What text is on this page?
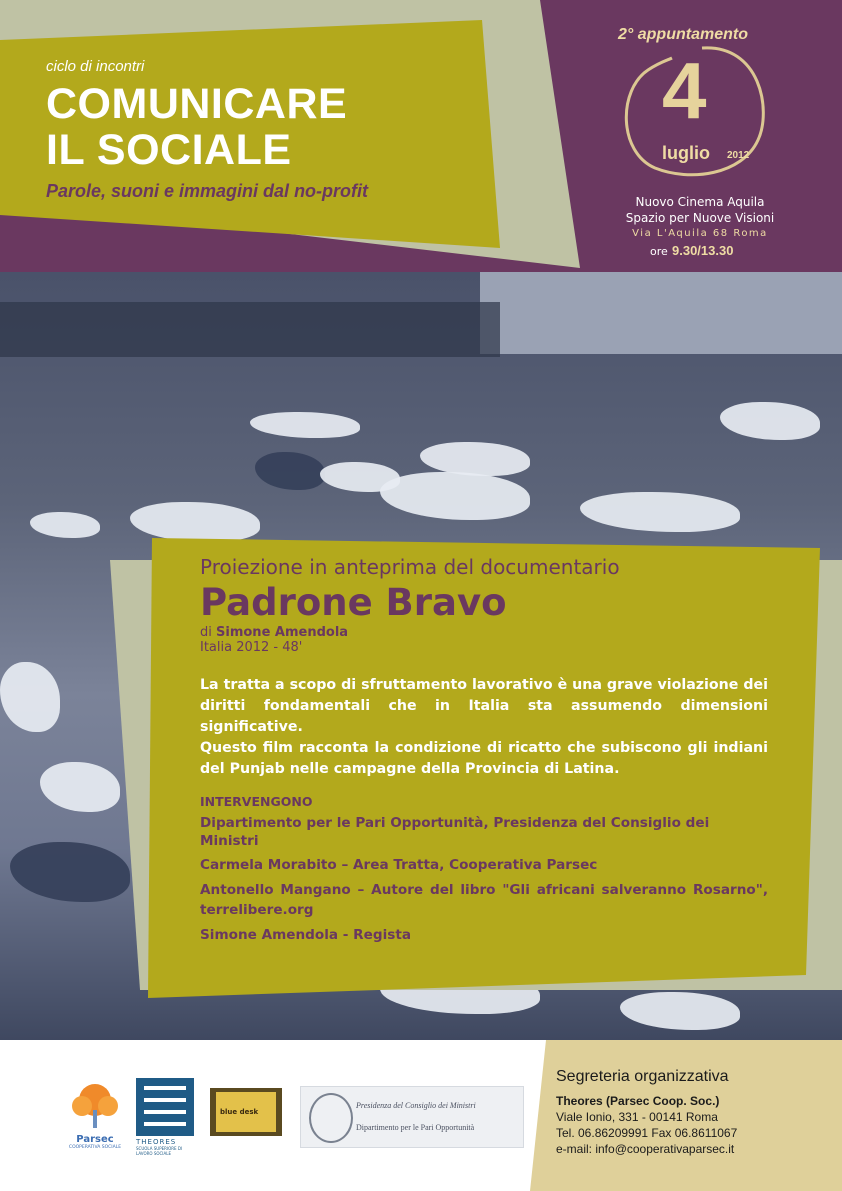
ciclo di incontri
COMUNICARE
IL SOCIALE
Parole, suoni e immagini dal no-profit
2° appuntamento
4
luglio 2012
Nuovo Cinema Aquila
Spazio per Nuove Visioni
Via L'Aquila 68 Roma
ore 9.30/13.30
Proiezione in anteprima del documentario
Padrone Bravo
di Simone Amendola
Italia 2012 - 48'
La tratta a scopo di sfruttamento lavorativo è una grave violazione dei diritti fondamentali che in Italia sta assumendo dimensioni significative.
Questo film racconta la condizione di ricatto che subiscono gli indiani del Punjab nelle campagne della Provincia di Latina.
INTERVENGONO
Dipartimento per le Pari Opportunità, Presidenza del Consiglio dei Ministri
Carmela Morabito – Area Tratta, Cooperativa Parsec
Antonello Mangano – Autore del libro "Gli africani salveranno Rosarno", terrelibere.org
Simone Amendola - Regista
Parsec
COOPERATIVA SOCIALE
THEORES
SCUOLA SUPERIORE DI LAVORO SOCIALE
blue desk
Presidenza del Consiglio dei Ministri
Dipartimento per le Pari Opportunità
Segreteria organizzativa
Theores (Parsec Coop. Soc.)
Viale Ionio, 331 - 00141 Roma
Tel. 06.86209991 Fax 06.8611067
e-mail: info@cooperativaparsec.it
